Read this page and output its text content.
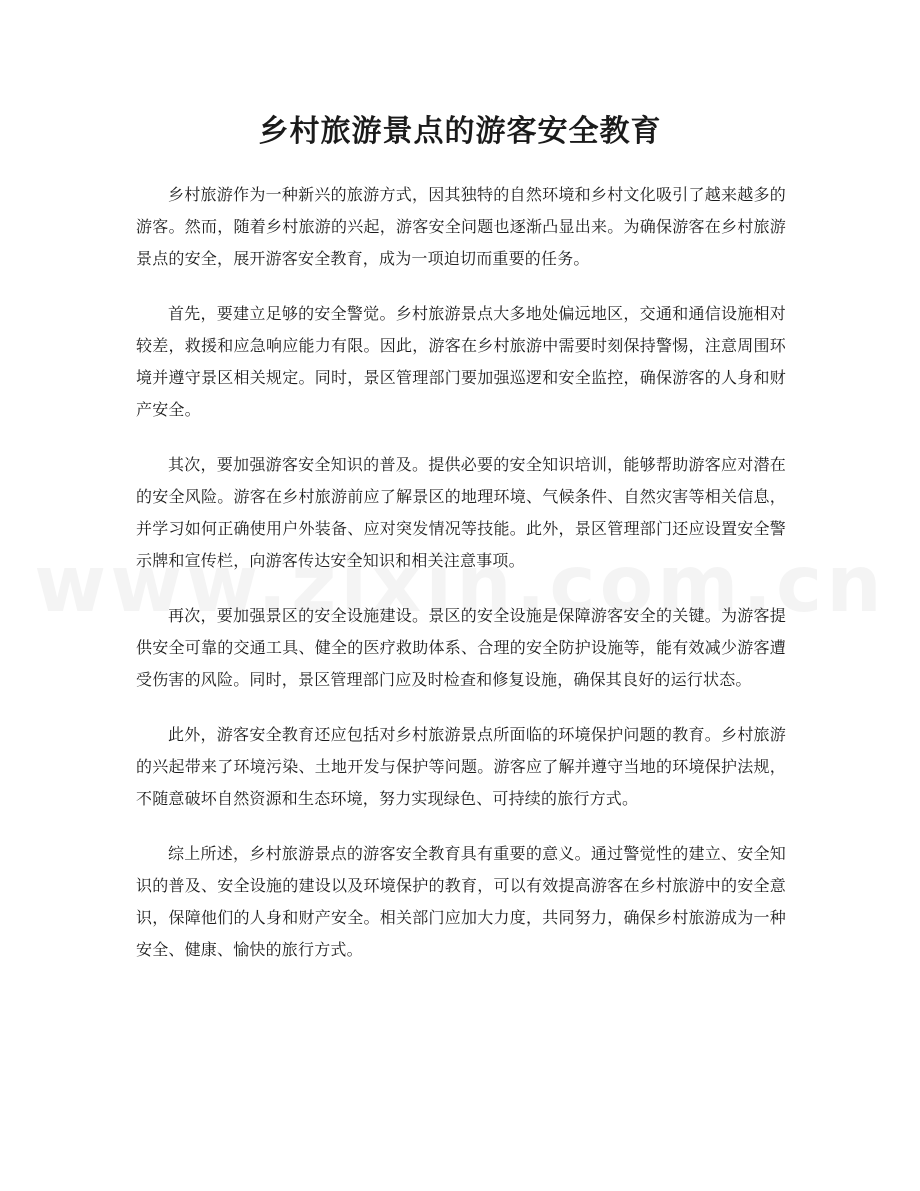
乡村旅游景点的游客安全教育

乡村旅游作为一种新兴的旅游方式，因其独特的自然环境和乡村文化吸引了越来越多的游客。然而，随着乡村旅游的兴起，游客安全问题也逐渐凸显出来。为确保游客在乡村旅游景点的安全，展开游客安全教育，成为一项迫切而重要的任务。

首先，要建立足够的安全警觉。乡村旅游景点大多地处偏远地区，交通和通信设施相对较差，救援和应急响应能力有限。因此，游客在乡村旅游中需要时刻保持警惕，注意周围环境并遵守景区相关规定。同时，景区管理部门要加强巡逻和安全监控，确保游客的人身和财产安全。

其次，要加强游客安全知识的普及。提供必要的安全知识培训，能够帮助游客应对潜在的安全风险。游客在乡村旅游前应了解景区的地理环境、气候条件、自然灾害等相关信息，并学习如何正确使用户外装备、应对突发情况等技能。此外，景区管理部门还应设置安全警示牌和宣传栏，向游客传达安全知识和相关注意事项。

再次，要加强景区的安全设施建设。景区的安全设施是保障游客安全的关键。为游客提供安全可靠的交通工具、健全的医疗救助体系、合理的安全防护设施等，能有效减少游客遭受伤害的风险。同时，景区管理部门应及时检查和修复设施，确保其良好的运行状态。

此外，游客安全教育还应包括对乡村旅游景点所面临的环境保护问题的教育。乡村旅游的兴起带来了环境污染、土地开发与保护等问题。游客应了解并遵守当地的环境保护法规，不随意破坏自然资源和生态环境，努力实现绿色、可持续的旅行方式。

综上所述，乡村旅游景点的游客安全教育具有重要的意义。通过警觉性的建立、安全知识的普及、安全设施的建设以及环境保护的教育，可以有效提高游客在乡村旅游中的安全意识，保障他们的人身和财产安全。相关部门应加大力度，共同努力，确保乡村旅游成为一种安全、健康、愉快的旅行方式。
